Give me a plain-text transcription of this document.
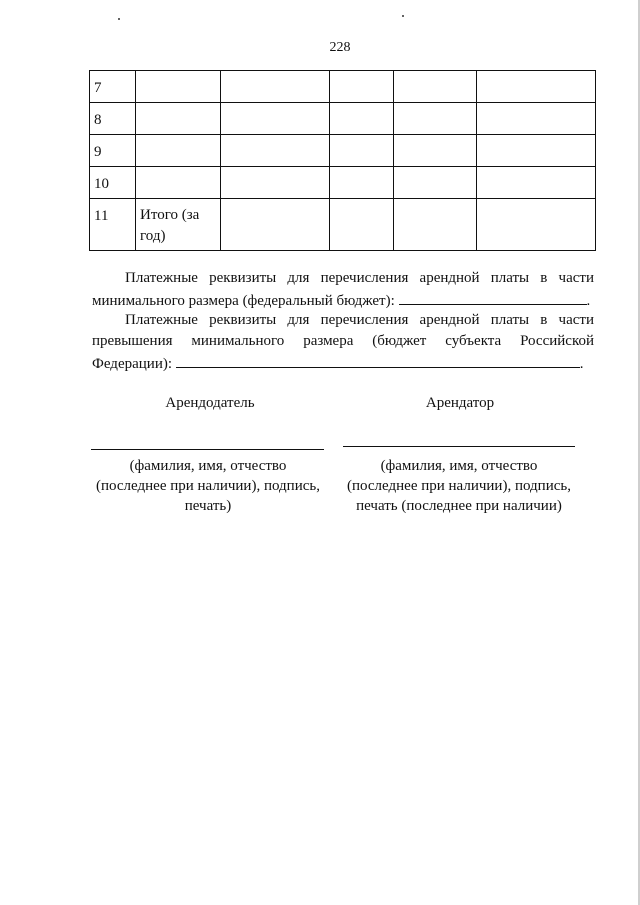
228
7					
8					
9					
10					
11	Итого (за год)				
Платежные реквизиты для перечисления арендной платы в части
минимального размера (федеральный бюджет):	.
Платежные реквизиты для перечисления арендной платы в части
превышения минимального размера (бюджет субъекта Российской
Федерации):	.
Арендодатель	Арендатор
(фамилия, имя, отчество
(последнее при наличии), подпись,
печать)
(фамилия, имя, отчество
(последнее при наличии), подпись,
печать (последнее при наличии)
